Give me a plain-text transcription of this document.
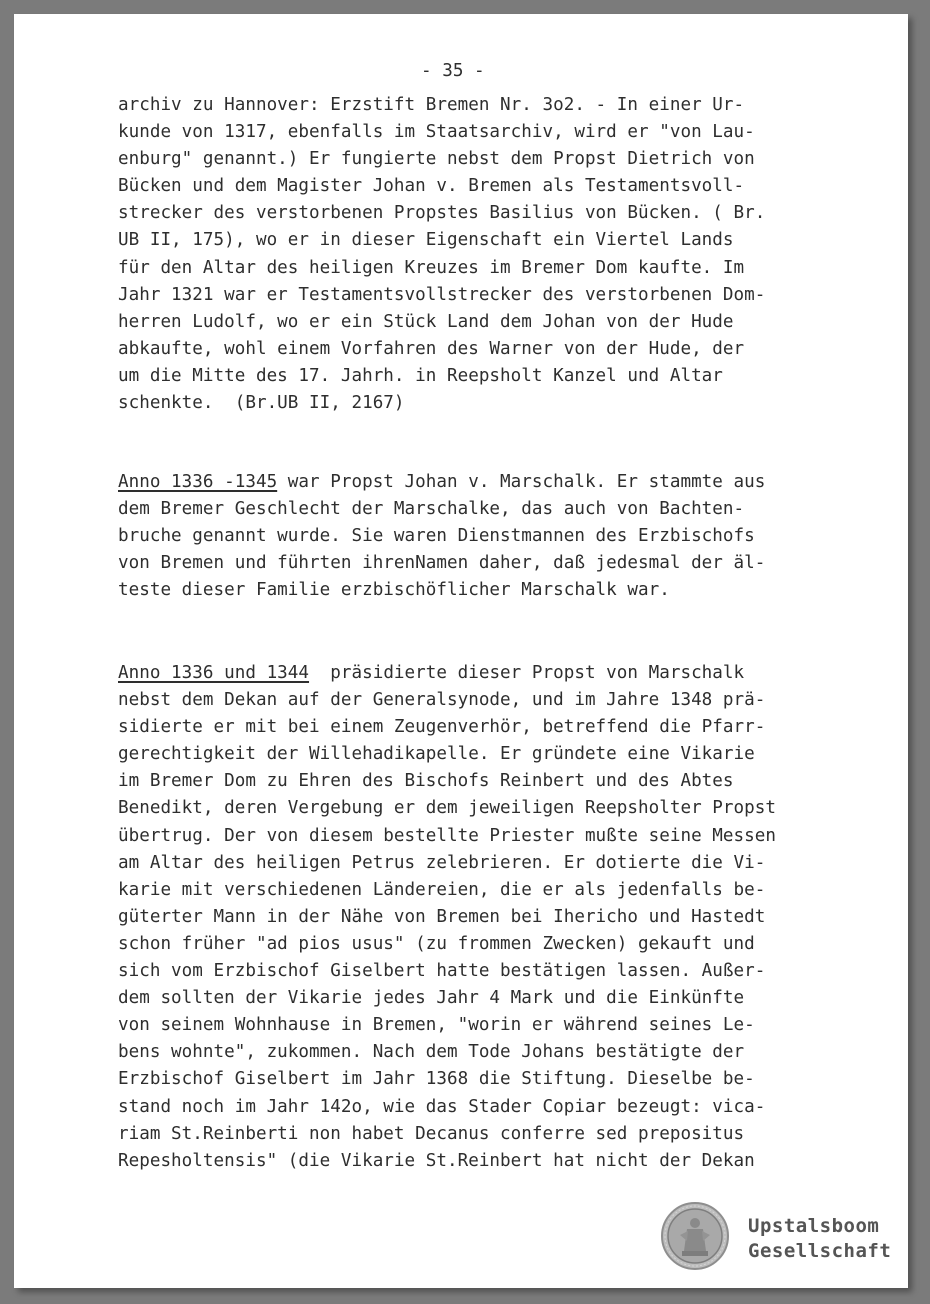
- 35 -

archiv zu Hannover: Erzstift Bremen Nr. 3o2. - In einer Ur-
kunde von 1317, ebenfalls im Staatsarchiv, wird er "von Lau-
enburg" genannt.) Er fungierte nebst dem Propst Dietrich von
Bücken und dem Magister Johan v. Bremen als Testamentsvoll-
strecker des verstorbenen Propstes Basilius von Bücken. ( Br.
UB II, 175), wo er in dieser Eigenschaft ein Viertel Lands
für den Altar des heiligen Kreuzes im Bremer Dom kaufte. Im
Jahr 1321 war er Testamentsvollstrecker des verstorbenen Dom-
herren Ludolf, wo er ein Stück Land dem Johan von der Hude
abkaufte, wohl einem Vorfahren des Warner von der Hude, der
um die Mitte des 17. Jahrh. in Reepsholt Kanzel und Altar
schenkte.  (Br.UB II, 2167)
Anno 1336 -1345 war Propst Johan v. Marschalk. Er stammte aus
dem Bremer Geschlecht der Marschalke, das auch von Bachten-
bruche genannt wurde. Sie waren Dienstmannen des Erzbischofs
von Bremen und führten ihrenNamen daher, daß jedesmal der äl-
teste dieser Familie erzbischöflicher Marschalk war.
Anno 1336 und 1344  präsidierte dieser Propst von Marschalk
nebst dem Dekan auf der Generalsynode, und im Jahre 1348 prä-
sidierte er mit bei einem Zeugenverhör, betreffend die Pfarr-
gerechtigkeit der Willehadikapelle. Er gründete eine Vikarie
im Bremer Dom zu Ehren des Bischofs Reinbert und des Abtes
Benedikt, deren Vergebung er dem jeweiligen Reepsholter Propst
übertrug. Der von diesem bestellte Priester mußte seine Messen
am Altar des heiligen Petrus zelebrieren. Er dotierte die Vi-
karie mit verschiedenen Ländereien, die er als jedenfalls be-
güterter Mann in der Nähe von Bremen bei Ihericho und Hastedt
schon früher "ad pios usus" (zu frommen Zwecken) gekauft und
sich vom Erzbischof Giselbert hatte bestätigen lassen. Außer-
dem sollten der Vikarie jedes Jahr 4 Mark und die Einkünfte
von seinem Wohnhause in Bremen, "worin er während seines Le-
bens wohnte", zukommen. Nach dem Tode Johans bestätigte der
Erzbischof Giselbert im Jahr 1368 die Stiftung. Dieselbe be-
stand noch im Jahr 142o, wie das Stader Copiar bezeugt: vica-
riam St.Reinberti non habet Decanus conferre sed prepositus
Repesholtensis" (die Vikarie St.Reinbert hat nicht der Dekan
Upstalsboom
Gesellschaft
